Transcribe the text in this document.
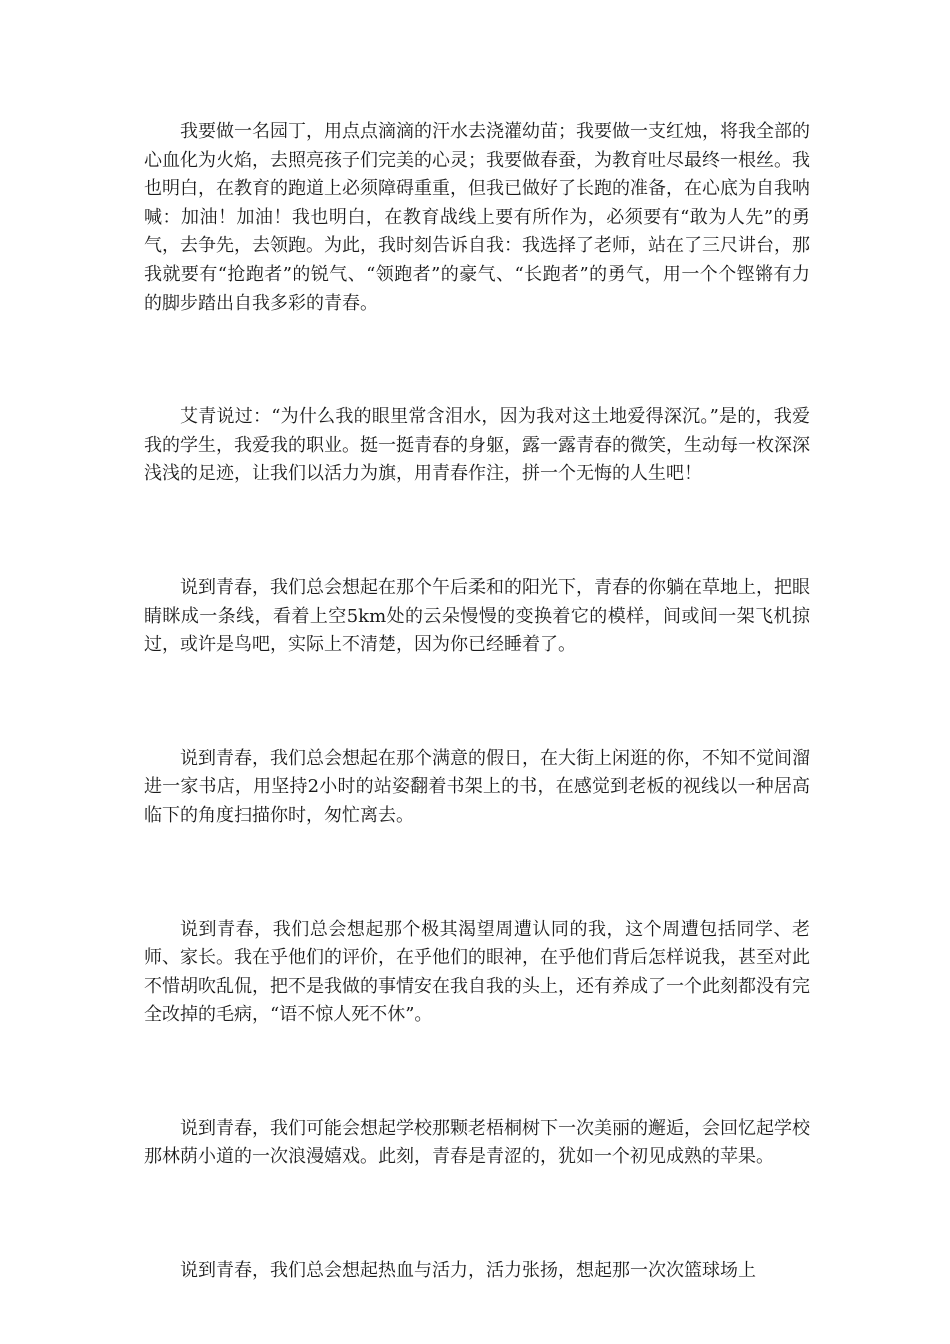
我要做一名园丁，用点点滴滴的汗水去浇灌幼苗；我要做一支红烛，将我全部的心血化为火焰，去照亮孩子们完美的心灵；我要做春蚕，为教育吐尽最终一根丝。我也明白，在教育的跑道上必须障碍重重，但我已做好了长跑的准备，在心底为自我呐喊：加油！加油！我也明白，在教育战线上要有所作为，必须要有“敢为人先”的勇气，去争先，去领跑。为此，我时刻告诉自我：我选择了老师，站在了三尺讲台，那我就要有“抢跑者”的锐气、“领跑者”的豪气、“长跑者”的勇气，用一个个铿锵有力的脚步踏出自我多彩的青春。

艾青说过：“为什么我的眼里常含泪水，因为我对这土地爱得深沉。”是的，我爱我的学生，我爱我的职业。挺一挺青春的身躯，露一露青春的微笑，生动每一枚深深浅浅的足迹，让我们以活力为旗，用青春作注，拼一个无悔的人生吧！

说到青春，我们总会想起在那个午后柔和的阳光下，青春的你躺在草地上，把眼睛眯成一条线，看着上空5km处的云朵慢慢的变换着它的模样，间或间一架飞机掠过，或许是鸟吧，实际上不清楚，因为你已经睡着了。

说到青春，我们总会想起在那个满意的假日，在大街上闲逛的你，不知不觉间溜进一家书店，用坚持2小时的站姿翻着书架上的书，在感觉到老板的视线以一种居高临下的角度扫描你时，匆忙离去。

说到青春，我们总会想起那个极其渴望周遭认同的我，这个周遭包括同学、老师、家长。我在乎他们的评价，在乎他们的眼神，在乎他们背后怎样说我，甚至对此不惜胡吹乱侃，把不是我做的事情安在我自我的头上，还有养成了一个此刻都没有完全改掉的毛病，“语不惊人死不休”。

说到青春，我们可能会想起学校那颗老梧桐树下一次美丽的邂逅，会回忆起学校那林荫小道的一次浪漫嬉戏。此刻，青春是青涩的，犹如一个初见成熟的苹果。

说到青春，我们总会想起热血与活力，活力张扬，想起那一次次篮球场上
